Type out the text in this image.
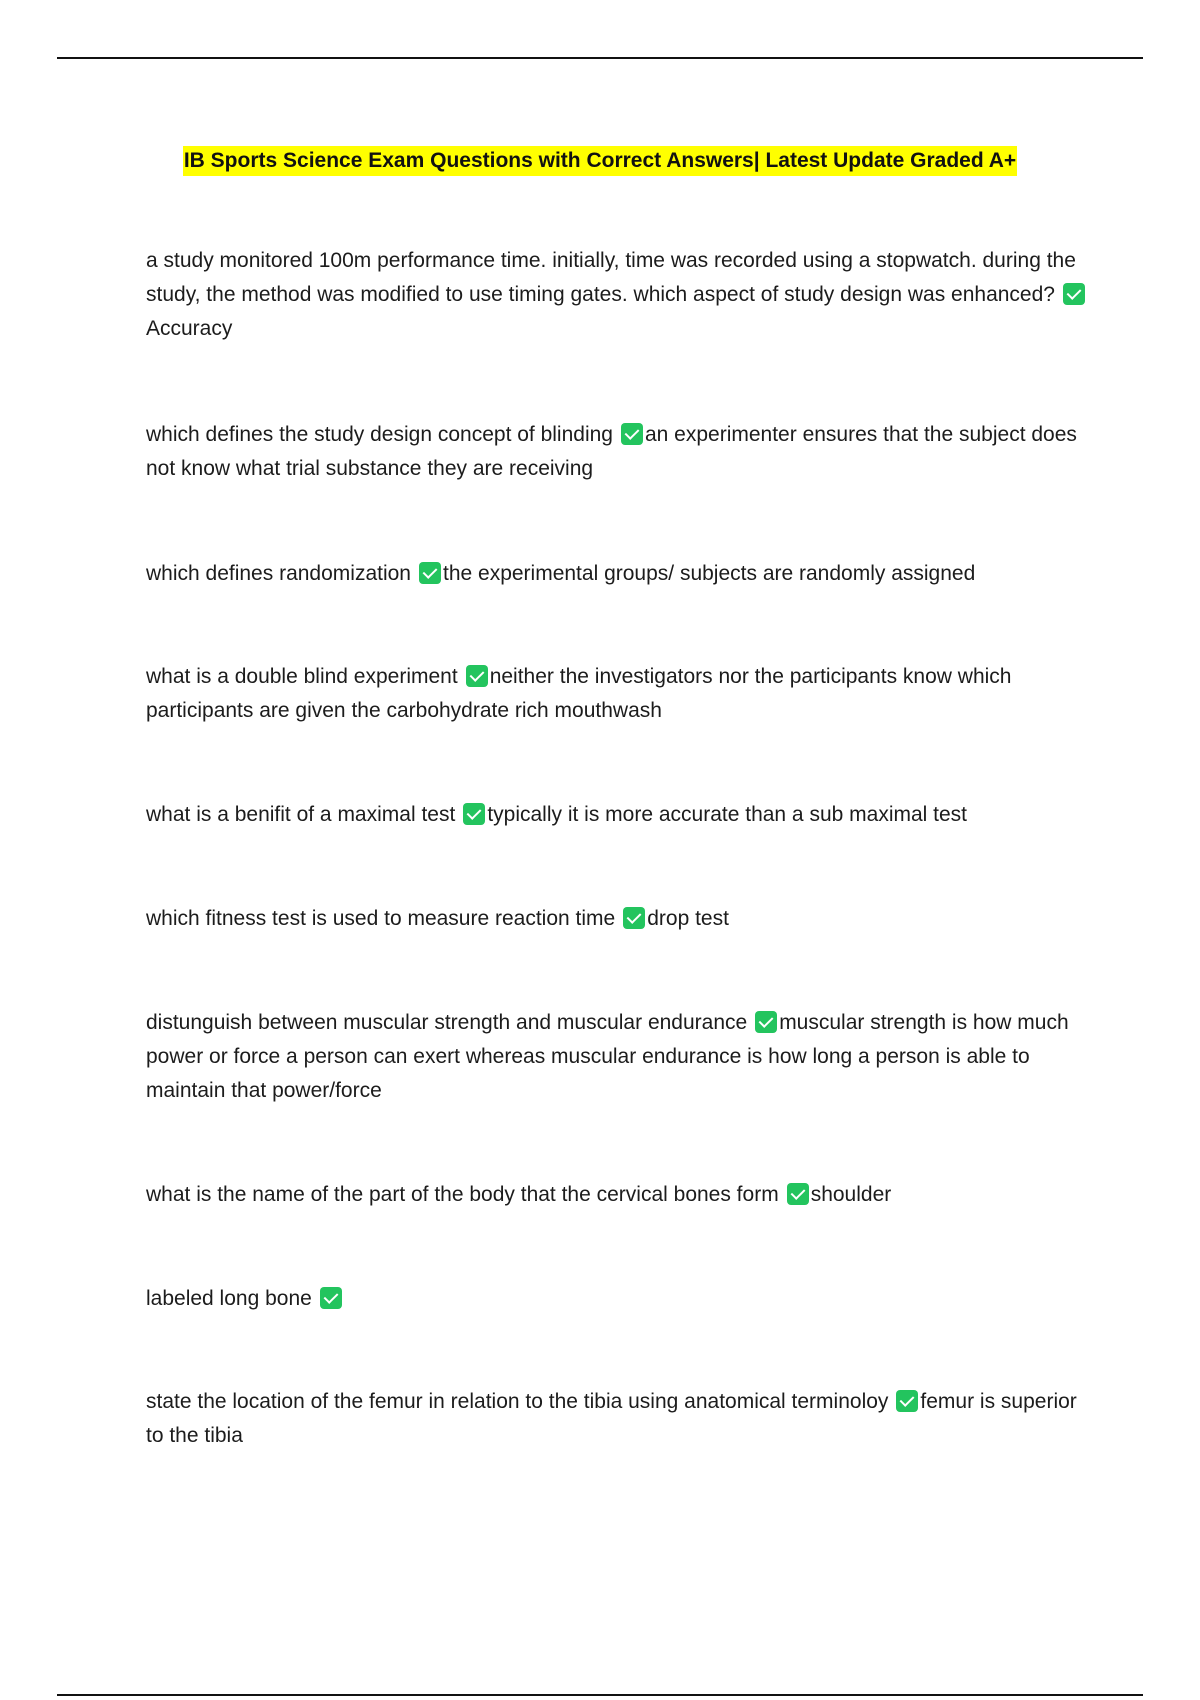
IB Sports Science Exam Questions with Correct Answers| Latest Update Graded A+
a study monitored 100m performance time. initially, time was recorded using a stopwatch. during the study, the method was modified to use timing gates. which aspect of study design was enhanced?Accuracy
which defines the study design concept of blinding an experimenter ensures that the subject does not know what trial substance they are receiving
which defines randomization the experimental groups/ subjects are randomly assigned
what is a double blind experiment neither the investigators nor the participants know which participants are given the carbohydrate rich mouthwash
what is a benifit of a maximal test typically it is more accurate than a sub maximal test
which fitness test is used to measure reaction time drop test
distunguish between muscular strength and muscular endurance muscular strength is how much power or force a person can exert whereas muscular endurance is how long a person is able to maintain that power/force
what is the name of the part of the body that the cervical bones form shoulder
labeled long bone
state the location of the femur in relation to the tibia using anatomical terminoloy femur is superior to the tibia
